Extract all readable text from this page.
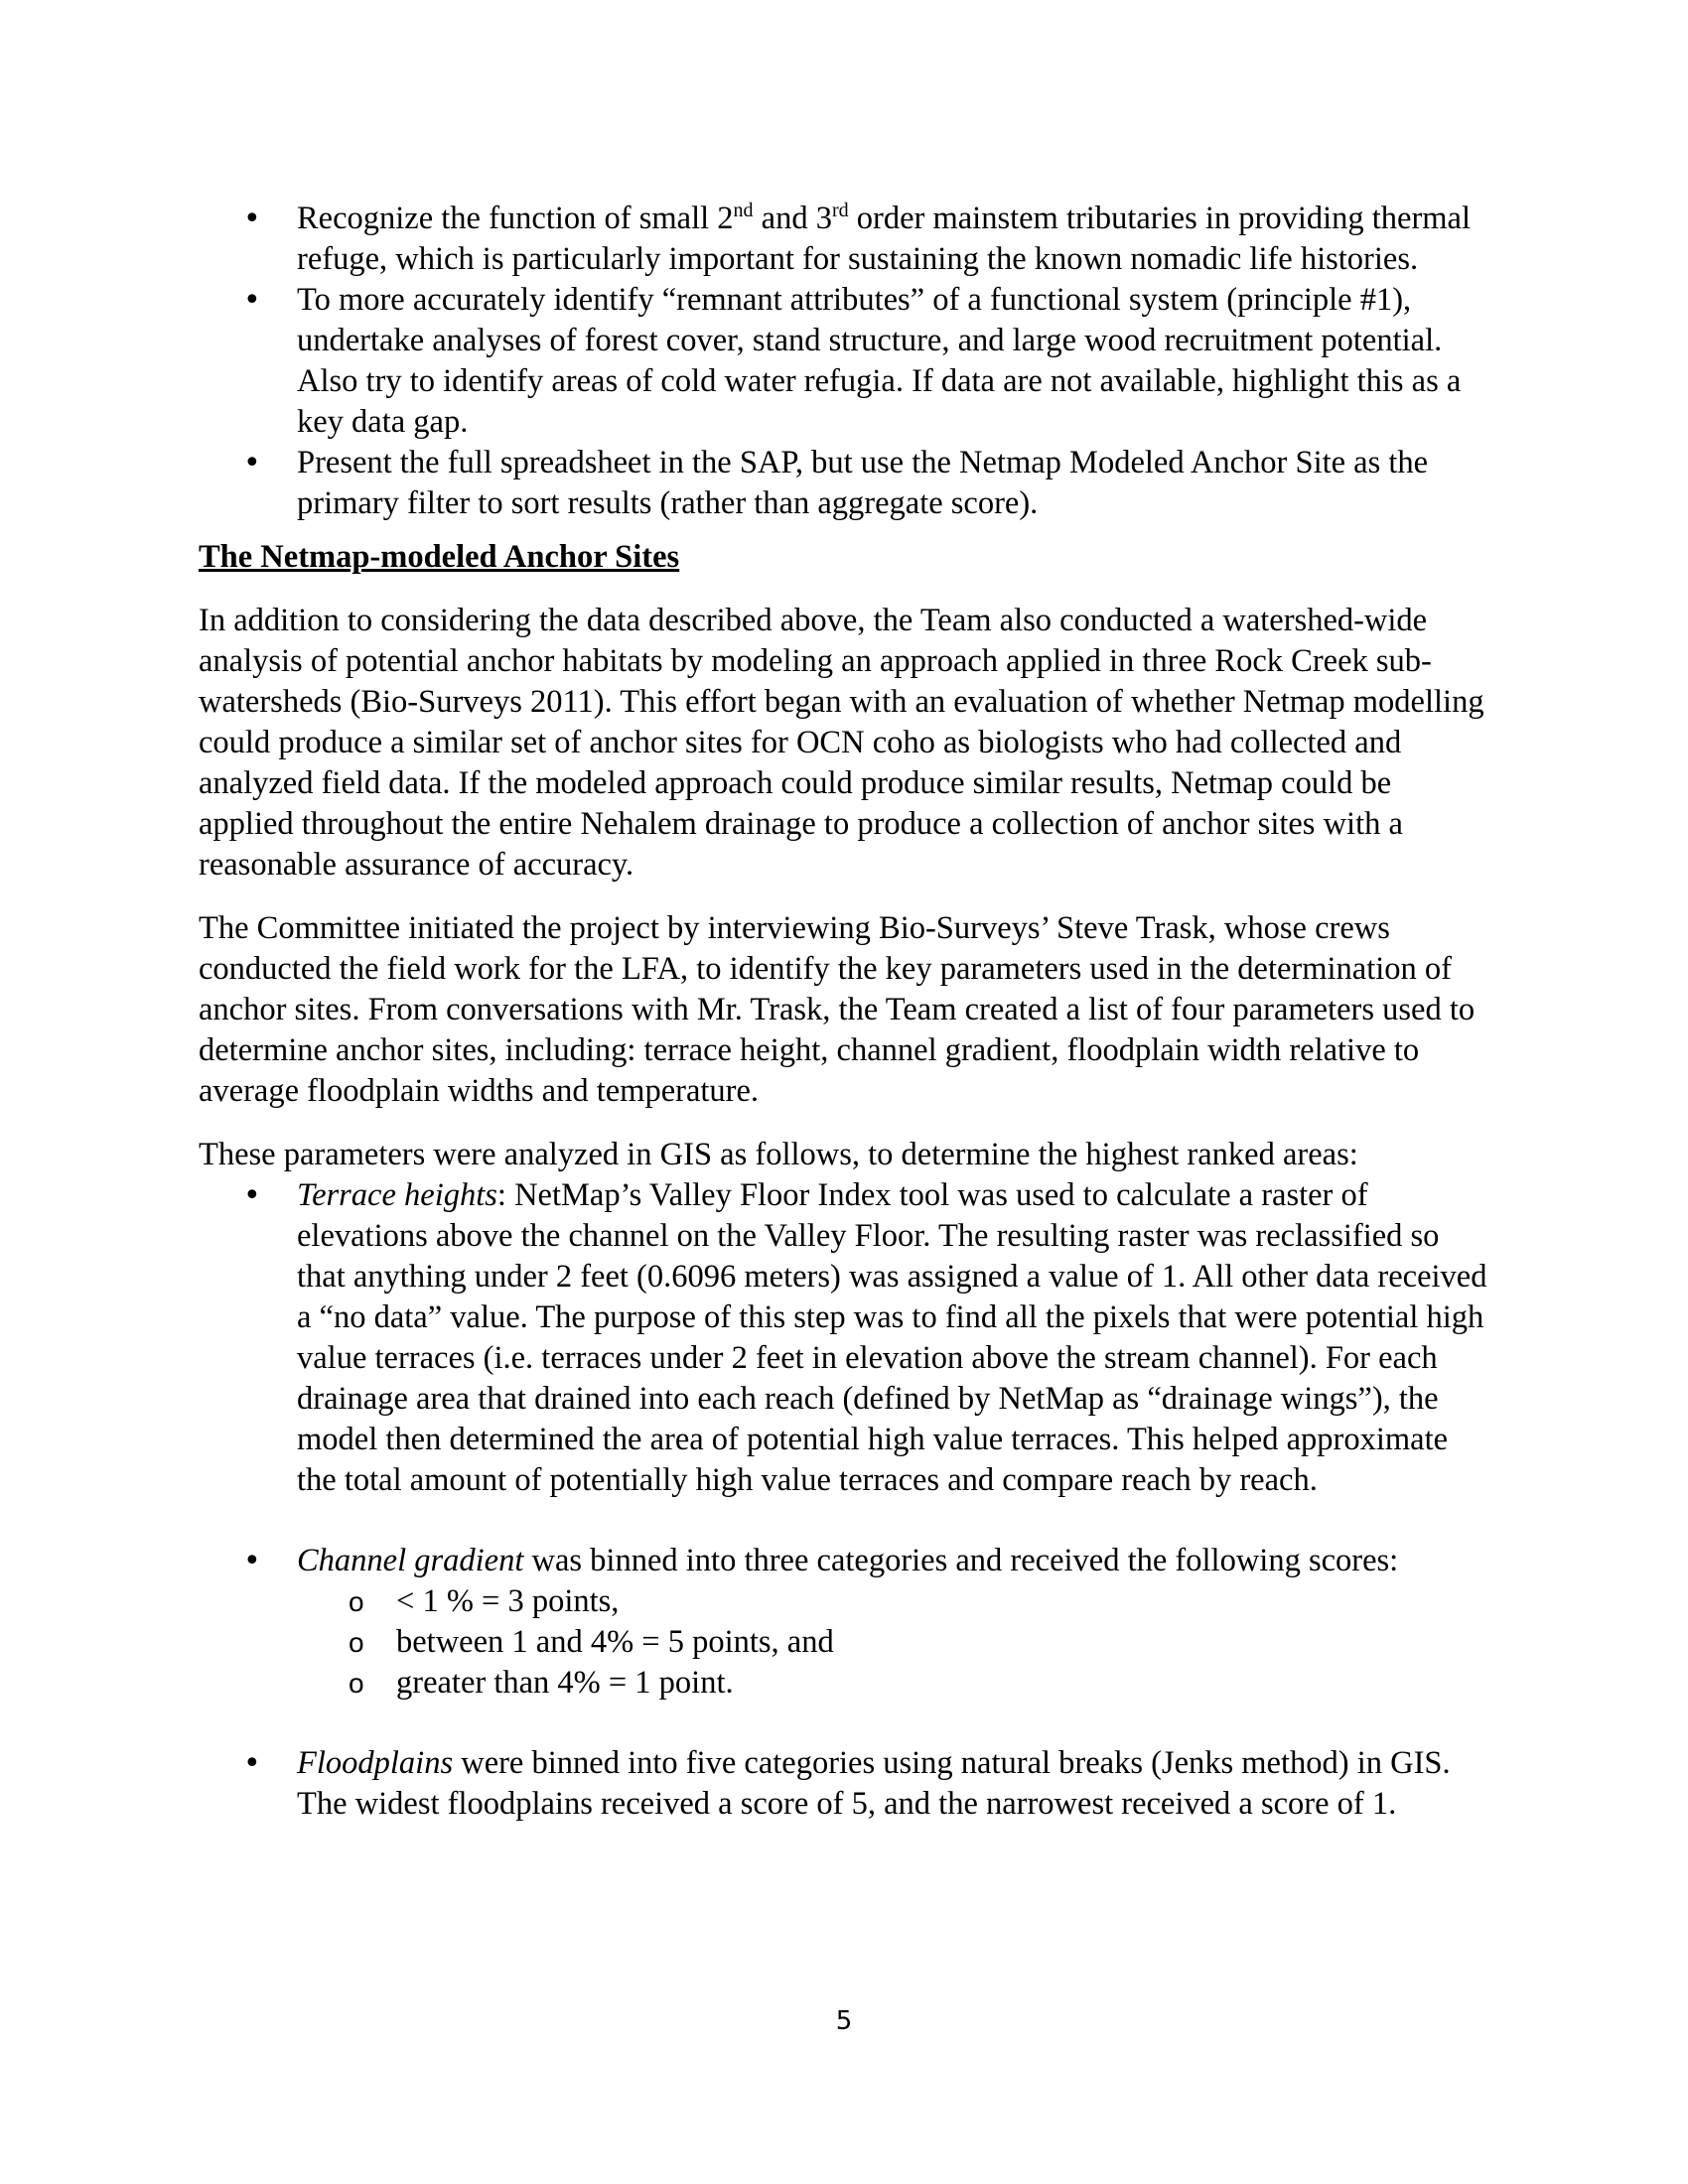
• Recognize the function of small 2nd and 3rd order mainstem tributaries in providing thermal refuge, which is particularly important for sustaining the known nomadic life histories.
• To more accurately identify “remnant attributes” of a functional system (principle #1), undertake analyses of forest cover, stand structure, and large wood recruitment potential. Also try to identify areas of cold water refugia. If data are not available, highlight this as a key data gap.
• Present the full spreadsheet in the SAP, but use the Netmap Modeled Anchor Site as the primary filter to sort results (rather than aggregate score).
The Netmap-modeled Anchor Sites

In addition to considering the data described above, the Team also conducted a watershed-wide analysis of potential anchor habitats by modeling an approach applied in three Rock Creek sub-watersheds (Bio-Surveys 2011). This effort began with an evaluation of whether Netmap modelling could produce a similar set of anchor sites for OCN coho as biologists who had collected and analyzed field data. If the modeled approach could produce similar results, Netmap could be applied throughout the entire Nehalem drainage to produce a collection of anchor sites with a reasonable assurance of accuracy.

The Committee initiated the project by interviewing Bio-Surveys’ Steve Trask, whose crews conducted the field work for the LFA, to identify the key parameters used in the determination of anchor sites. From conversations with Mr. Trask, the Team created a list of four parameters used to determine anchor sites, including: terrace height, channel gradient, floodplain width relative to average floodplain widths and temperature.

These parameters were analyzed in GIS as follows, to determine the highest ranked areas:

• Terrace heights: NetMap’s Valley Floor Index tool was used to calculate a raster of elevations above the channel on the Valley Floor. The resulting raster was reclassified so that anything under 2 feet (0.6096 meters) was assigned a value of 1. All other data received a “no data” value. The purpose of this step was to find all the pixels that were potential high value terraces (i.e. terraces under 2 feet in elevation above the stream channel). For each drainage area that drained into each reach (defined by NetMap as “drainage wings”), the model then determined the area of potential high value terraces. This helped approximate the total amount of potentially high value terraces and compare reach by reach.
• Channel gradient was binned into three categories and received the following scores:
o < 1 % = 3 points,
o between 1 and 4% = 5 points, and
o greater than 4% = 1 point.
• Floodplains were binned into five categories using natural breaks (Jenks method) in GIS. The widest floodplains received a score of 5, and the narrowest received a score of 1.
5
